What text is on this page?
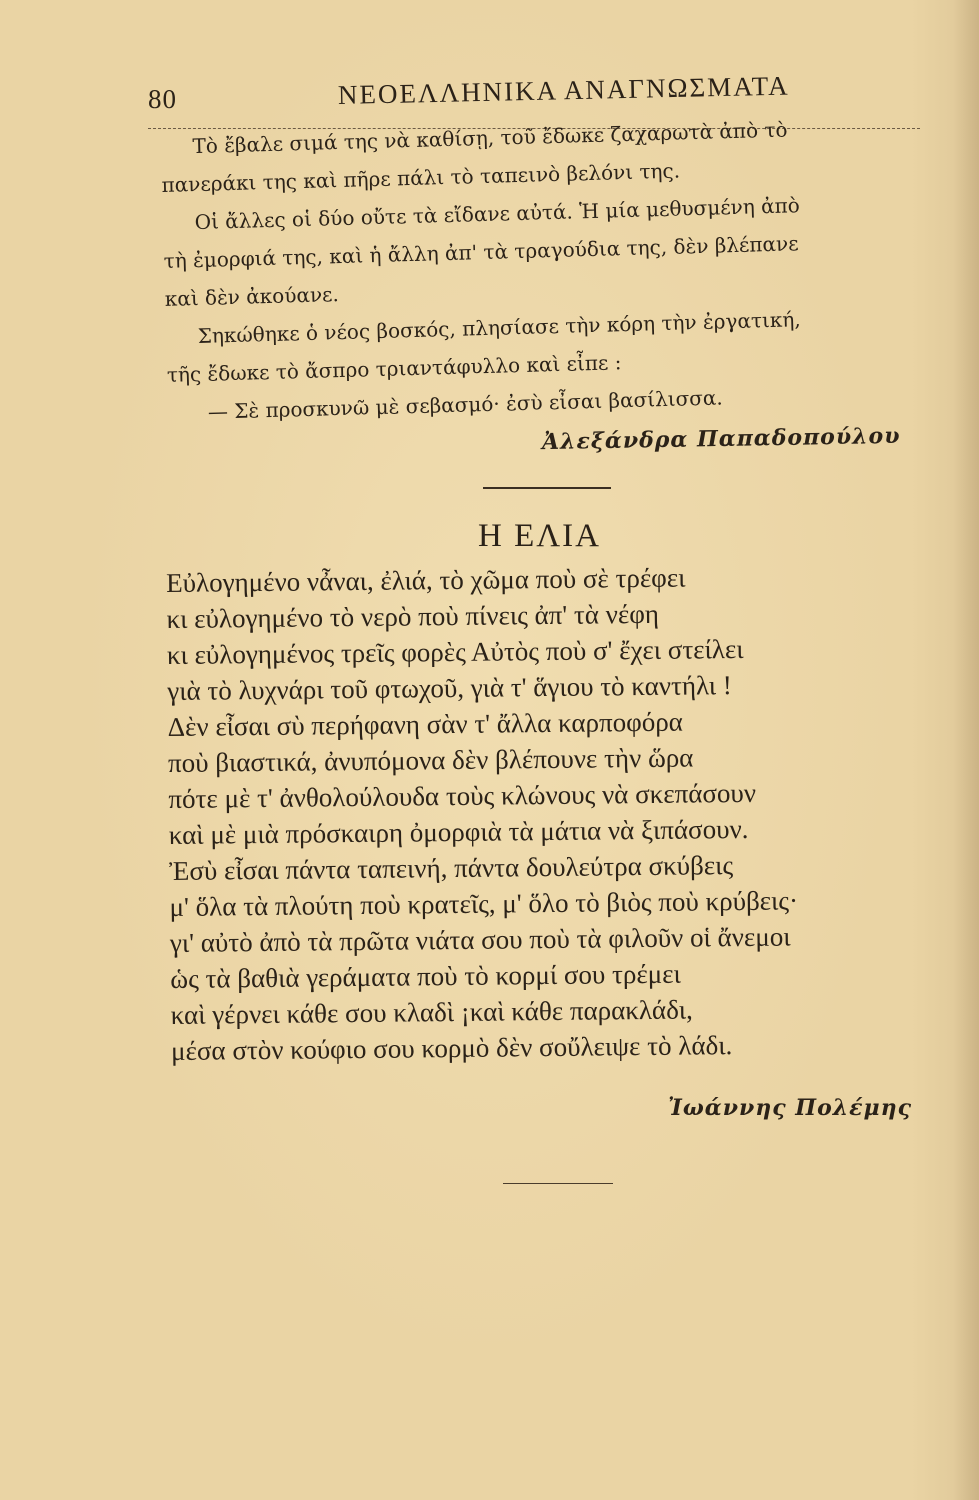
80	ΝΕΟΕΛΛΗΝΙΚΑ ΑΝΑΓΝΩΣΜΑΤΑ

Τὸ ἔβαλε σιμά της νὰ καθίσῃ, τοῦ ἔδωκε ζαχαρωτὰ ἀπὸ τὸ

πανεράκι της καὶ πῆρε πάλι τὸ ταπεινὸ βελόνι της.

Οἱ ἄλλες οἱ δύο οὔτε τὰ εἴδανε αὐτά. Ἡ μία μεθυσμένη ἀπὸ

τὴ ἐμορφιά της, καὶ ἡ ἄλλη ἀπ' τὰ τραγούδια της, δὲν βλέπανε

καὶ δὲν ἀκούανε.

Σηκώθηκε ὁ νέος βοσκός, πλησίασε τὴν κόρη τὴν ἐργατική,

τῆς ἔδωκε τὸ ἄσπρο τριαντάφυλλο καὶ εἶπε :

— Σὲ προσκυνῶ μὲ σεβασμό· ἐσὺ εἶσαι βασίλισσα.

Ἀλεξάνδρα Παπαδοπούλου
Η ΕΛΙΑ
Εὐλογημένο νἆναι, ἐλιά, τὸ χῶμα ποὺ σὲ τρέφει
κι εὐλογημένο τὸ νερὸ ποὺ πίνεις ἀπ' τὰ νέφη
κι εὐλογημένος τρεῖς φορὲς Αὐτὸς ποὺ σ' ἔχει στείλει
γιὰ τὸ λυχνάρι τοῦ φτωχοῦ, γιὰ τ' ἅγιου τὸ καντήλι !
Δὲν εἶσαι σὺ περήφανη σὰν τ' ἄλλα καρποφόρα
ποὺ βιαστικά, ἀνυπόμονα δὲν βλέπουνε τὴν ὥρα
πότε μὲ τ' ἀνθολούλουδα τοὺς κλώνους νὰ σκεπάσουν
καὶ μὲ μιὰ πρόσκαιρη ὀμορφιὰ τὰ μάτια νὰ ξιπάσουν.
Ἐσὺ εἶσαι πάντα ταπεινή, πάντα δουλεύτρα σκύβεις
μ' ὅλα τὰ πλούτη ποὺ κρατεῖς, μ' ὅλο τὸ βιὸς ποὺ κρύβεις·
γι' αὐτὸ ἀπὸ τὰ πρῶτα νιάτα σου ποὺ τὰ φιλοῦν οἱ ἄνεμοι
ὡς τὰ βαθιὰ γεράματα ποὺ τὸ κορμί σου τρέμει
καὶ γέρνει κάθε σου κλαδὶ ¡καὶ κάθε παρακλάδι,
μέσα στὸν κούφιο σου κορμὸ δὲν σοὔλειψε τὸ λάδι.
Ἰωάννης Πολέμης
